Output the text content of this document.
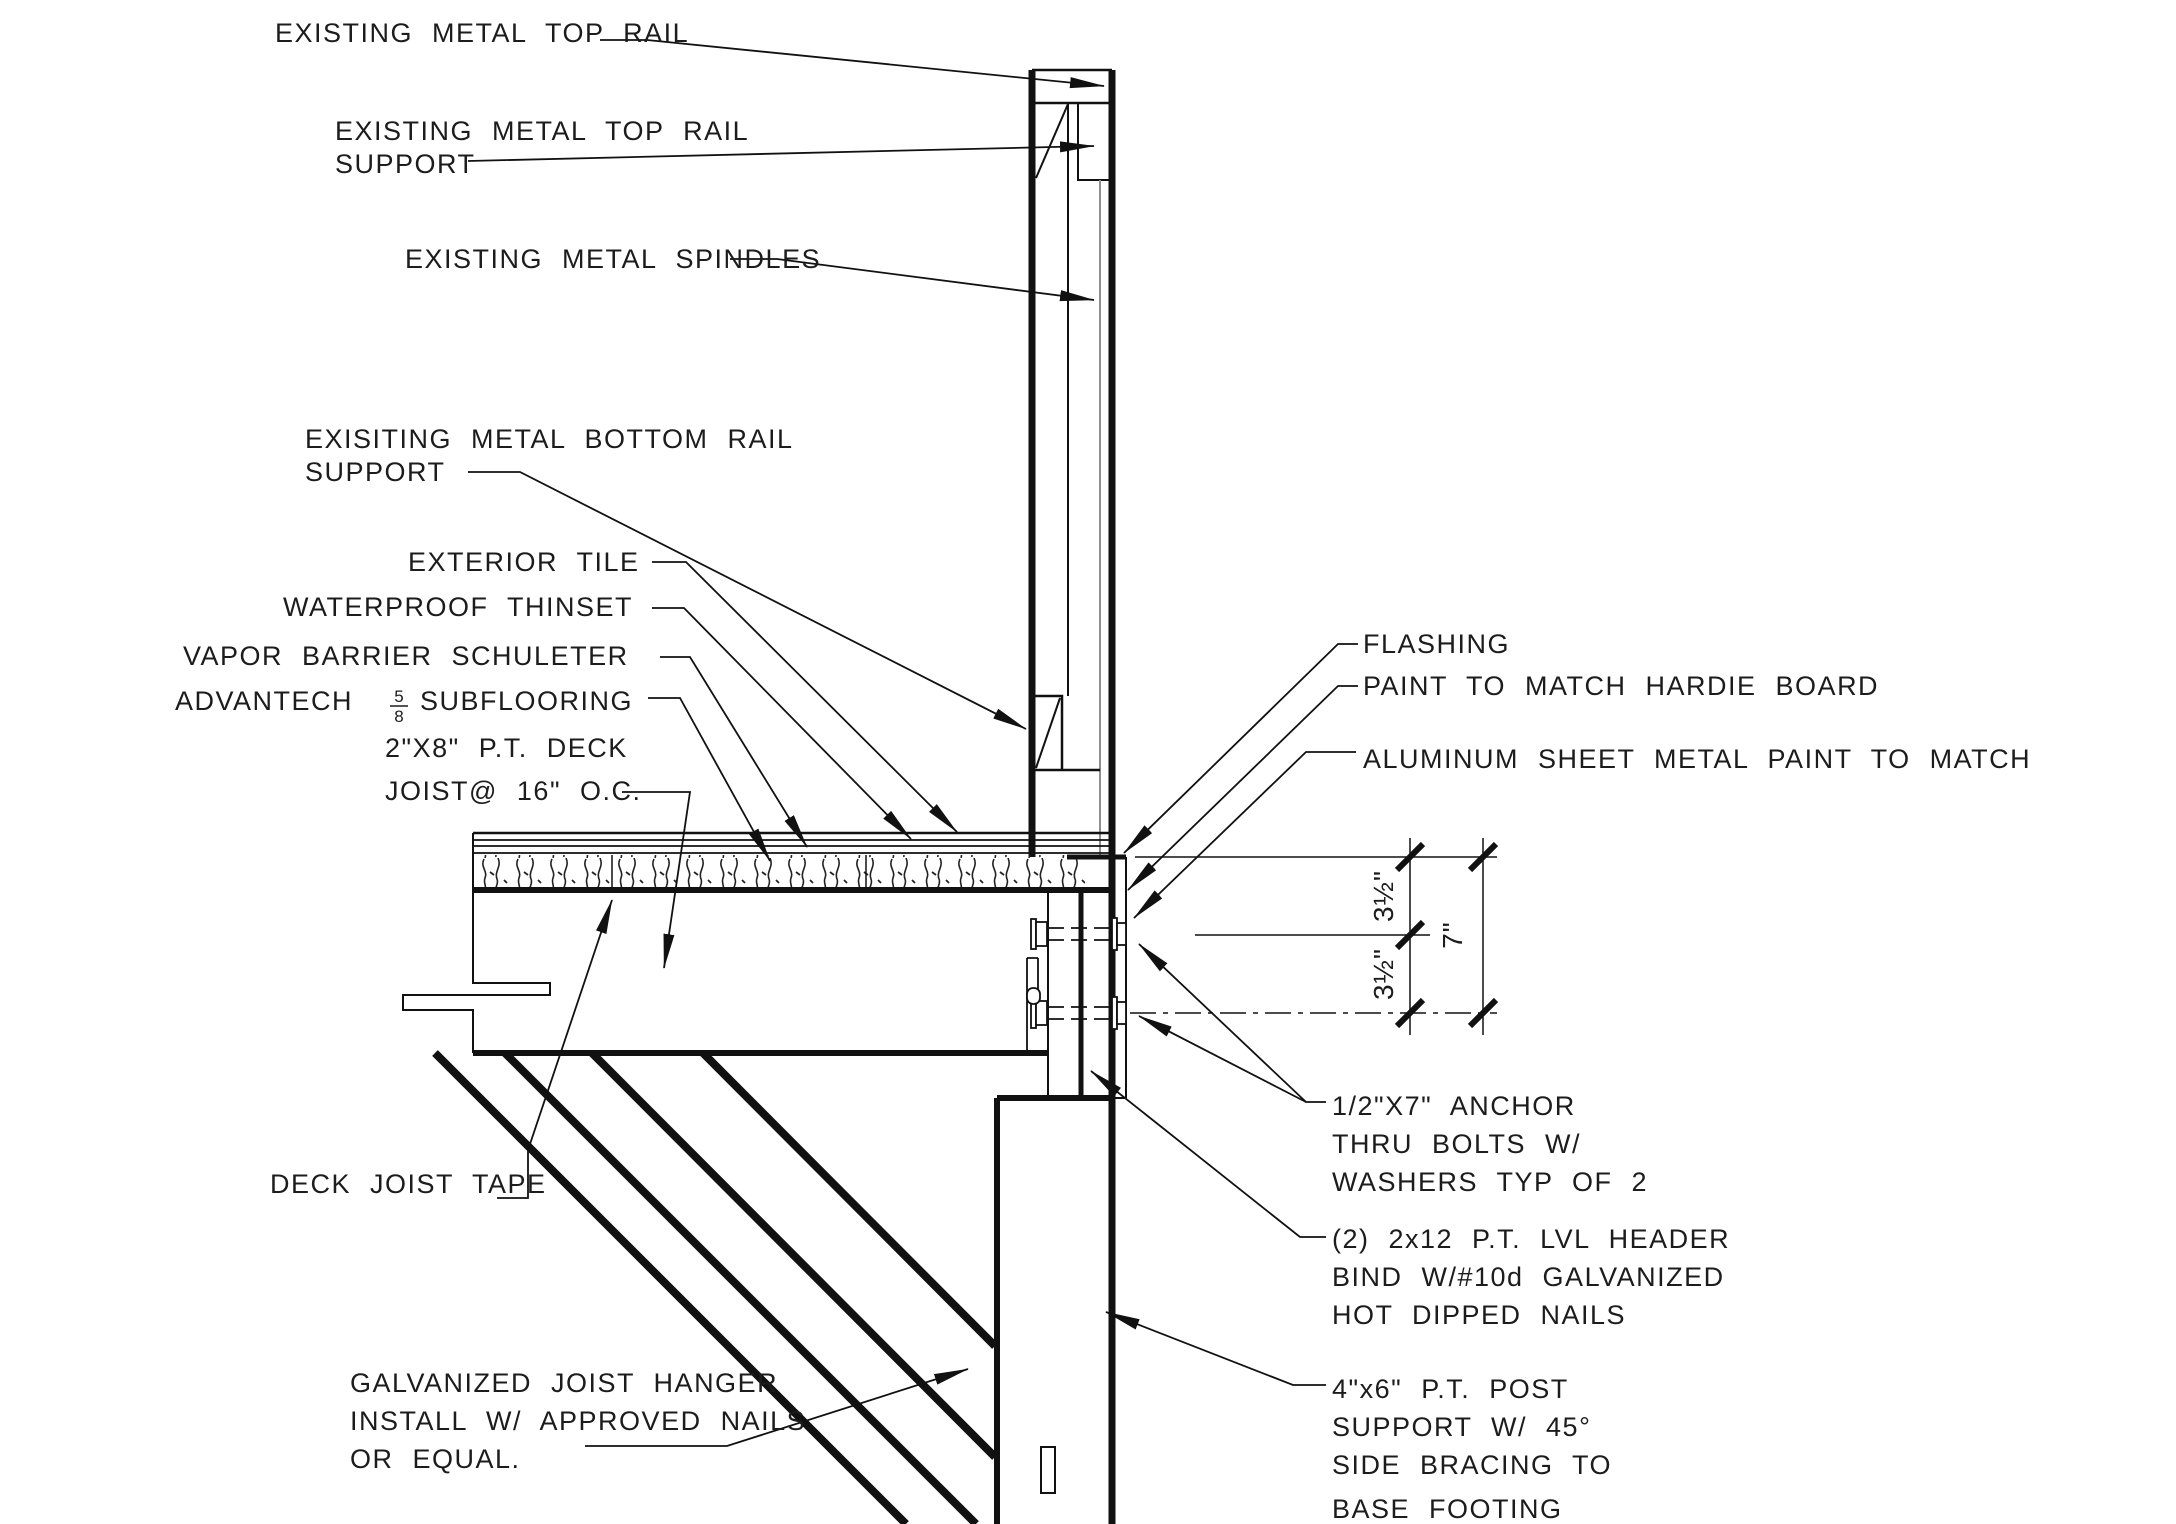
3½"
3½"
7"
EXISTING METAL TOP RAIL
EXISTING METAL TOP RAIL
SUPPORT
EXISTING METAL SPINDLES
EXISITING METAL BOTTOM RAIL
SUPPORT
EXTERIOR TILE
WATERPROOF THINSET
VAPOR BARRIER SCHULETER
ADVANTECH 5
8
SUBFLOORING
2"X8" P.T. DECK
JOIST@ 16" O.C.
DECK JOIST TAPE
GALVANIZED JOIST HANGER
INSTALL W/ APPROVED NAILS
OR EQUAL.
FLASHING
PAINT TO MATCH HARDIE BOARD
ALUMINUM SHEET METAL PAINT TO MATCH
1/2"X7" ANCHOR
THRU BOLTS W/
WASHERS TYP OF 2
(2) 2x12 P.T. LVL HEADER
BIND W/#10d GALVANIZED
HOT DIPPED NAILS
4"x6" P.T. POST
SUPPORT W/ 45°
SIDE BRACING TO
BASE FOOTING
